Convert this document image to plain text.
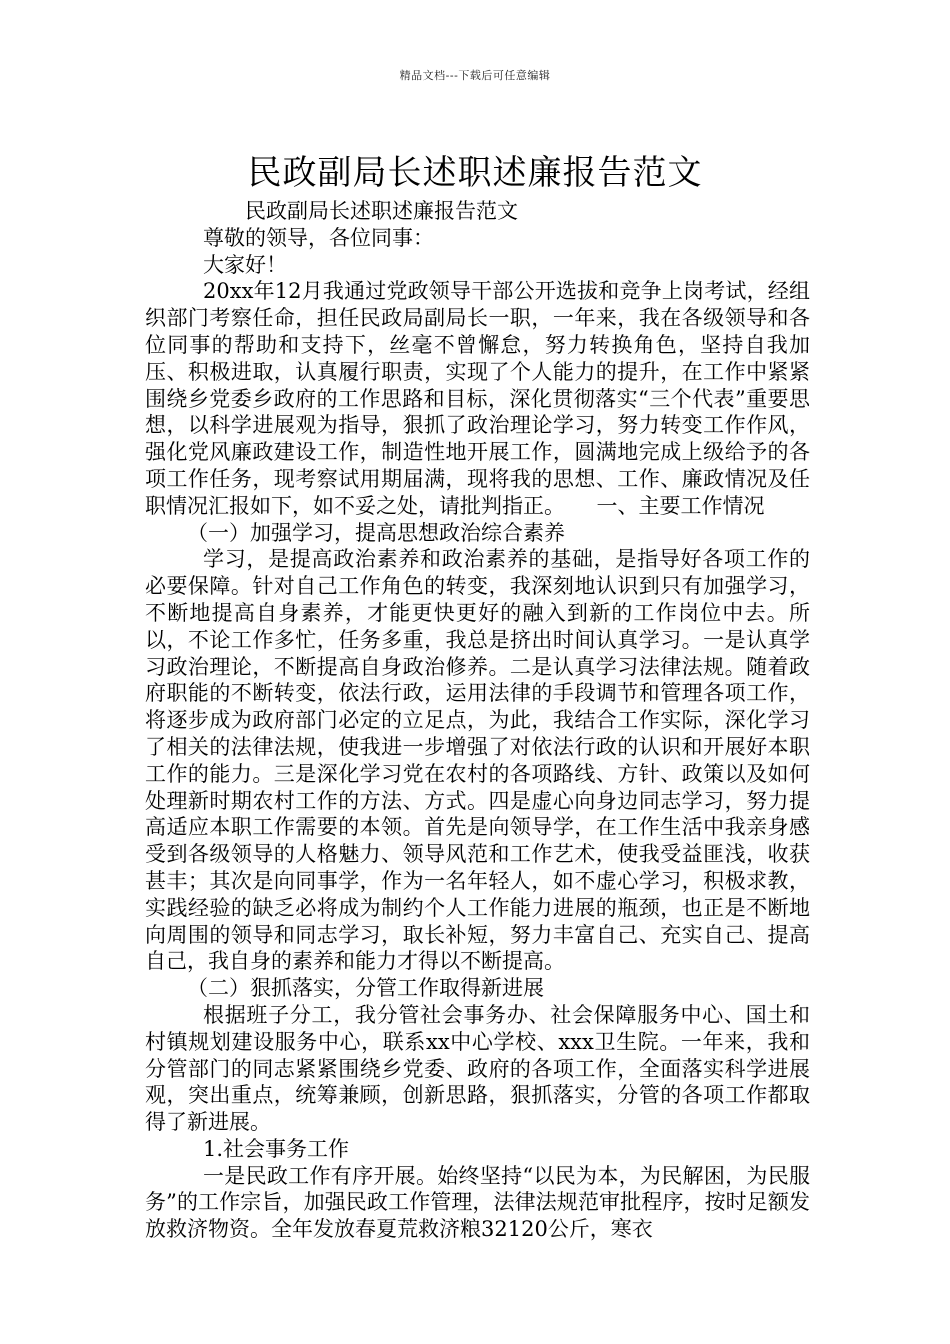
精品文档---下载后可任意编辑
民政副局长述职述廉报告范文

民政副局长述职述廉报告范文

尊敬的领导，各位同事：

大家好！

20xx年12月我通过党政领导干部公开选拔和竞争上岗考试，经组织部门考察任命，担任民政局副局长一职，一年来，我在各级领导和各位同事的帮助和支持下，丝毫不曾懈怠，努力转换角色，坚持自我加压、积极进取，认真履行职责，实现了个人能力的提升，在工作中紧紧围绕乡党委乡政府的工作思路和目标，深化贯彻落实“三个代表”重要思想，以科学进展观为指导，狠抓了政治理论学习，努力转变工作作风，强化党风廉政建设工作，制造性地开展工作，圆满地完成上级给予的各项工作任务，现考察试用期届满，现将我的思想、工作、廉政情况及任职情况汇报如下，如不妥之处，请批判指正。　　一、主要工作情况

（一）加强学习，提高思想政治综合素养

学习，是提高政治素养和政治素养的基础，是指导好各项工作的必要保障。针对自己工作角色的转变，我深刻地认识到只有加强学习，不断地提高自身素养，才能更快更好的融入到新的工作岗位中去。所以，不论工作多忙，任务多重，我总是挤出时间认真学习。一是认真学习政治理论，不断提高自身政治修养。二是认真学习法律法规。随着政府职能的不断转变，依法行政，运用法律的手段调节和管理各项工作，将逐步成为政府部门必定的立足点，为此，我结合工作实际，深化学习了相关的法律法规，使我进一步增强了对依法行政的认识和开展好本职工作的能力。三是深化学习党在农村的各项路线、方针、政策以及如何处理新时期农村工作的方法、方式。四是虚心向身边同志学习，努力提高适应本职工作需要的本领。首先是向领导学，在工作生活中我亲身感受到各级领导的人格魅力、领导风范和工作艺术，使我受益匪浅，收获甚丰；其次是向同事学，作为一名年轻人，如不虚心学习，积极求教，实践经验的缺乏必将成为制约个人工作能力进展的瓶颈，也正是不断地向周围的领导和同志学习，取长补短，努力丰富自己、充实自己、提高自己，我自身的素养和能力才得以不断提高。

（二）狠抓落实，分管工作取得新进展

根据班子分工，我分管社会事务办、社会保障服务中心、国土和村镇规划建设服务中心，联系xx中心学校、xxx卫生院。一年来，我和分管部门的同志紧紧围绕乡党委、政府的各项工作，全面落实科学进展观，突出重点，统筹兼顾，创新思路，狠抓落实，分管的各项工作都取得了新进展。

1.社会事务工作

一是民政工作有序开展。始终坚持“以民为本，为民解困，为民服务”的工作宗旨，加强民政工作管理，法律法规范审批程序，按时足额发放救济物资。全年发放春夏荒救济粮32120公斤，寒衣
